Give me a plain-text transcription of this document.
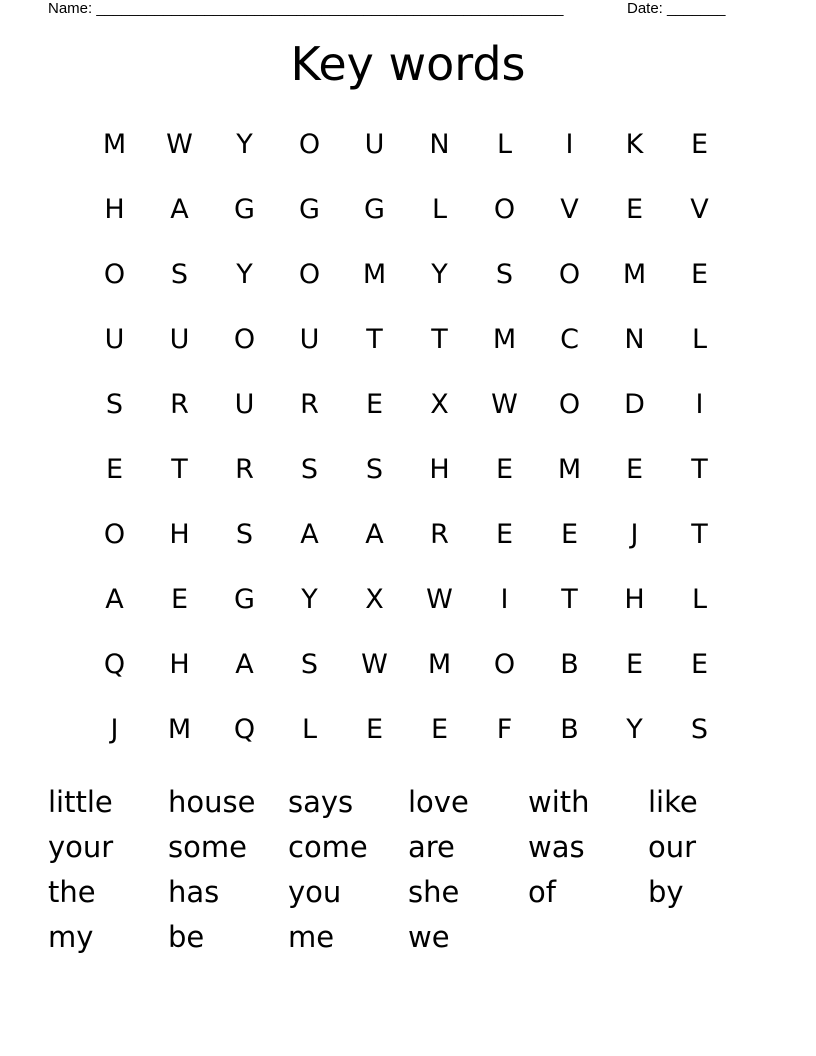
Name: ________________________________________________________	Date: _______
Key words
M	W	Y	O	U	N	L	I	K	E
H	A	G	G	G	L	O	V	E	V
O	S	Y	O	M	Y	S	O	M	E
U	U	O	U	T	T	M	C	N	L
S	R	U	R	E	X	W	O	D	I
E	T	R	S	S	H	E	M	E	T
O	H	S	A	A	R	E	E	J	T
A	E	G	Y	X	W	I	T	H	L
Q	H	A	S	W	M	O	B	E	E
J	M	Q	L	E	E	F	B	Y	S
little	house	says	love	with	like
your	some	come	are	was	our
the	has	you	she	of	by
my	be	me	we
